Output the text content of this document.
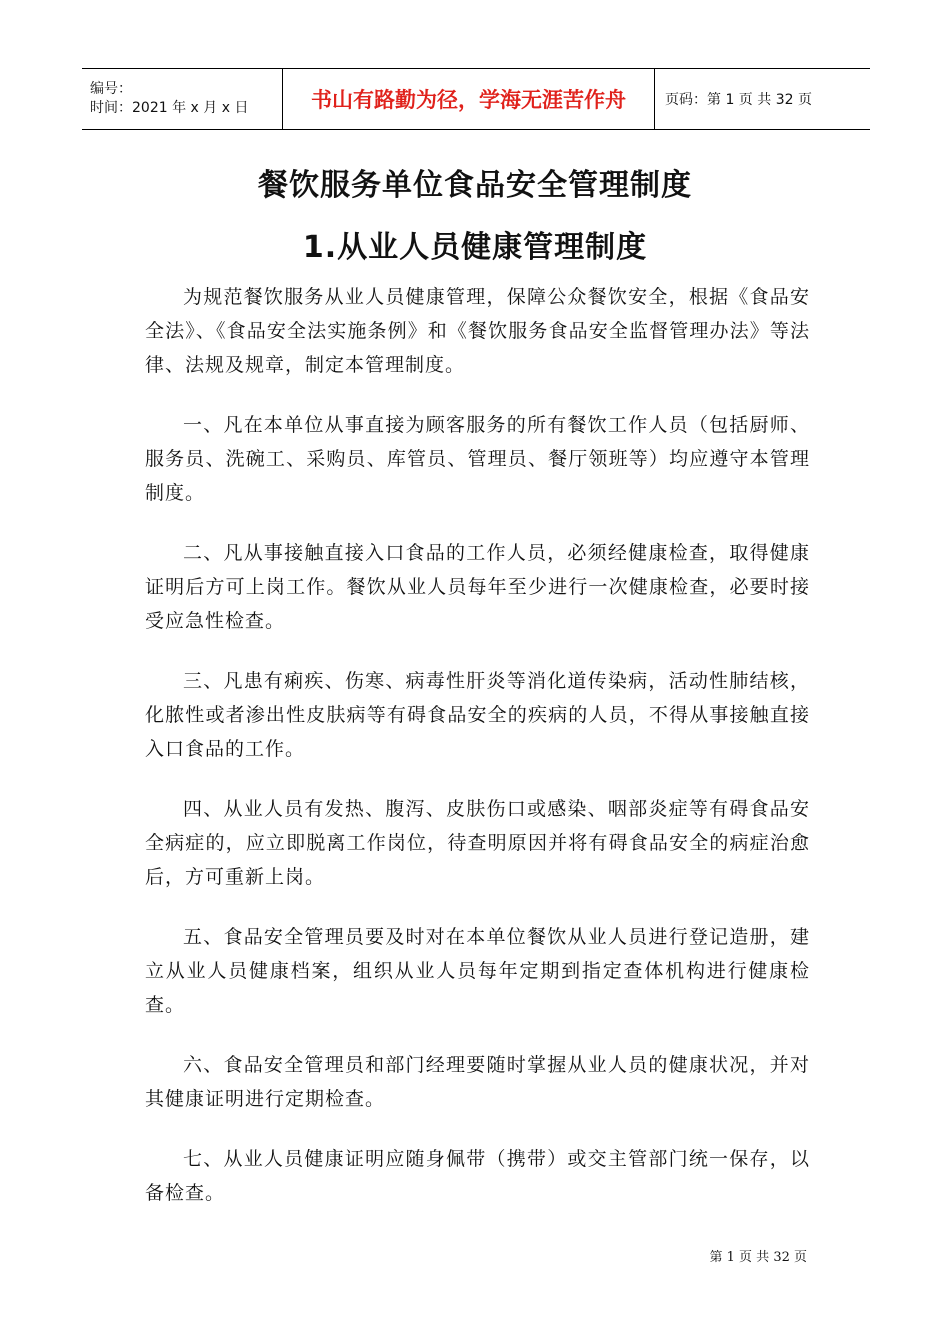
编号：
时间：2021 年 x 月 x 日	书山有路勤为径，学海无涯苦作舟	页码：第 1 页 共 32 页
餐饮服务单位食品安全管理制度
1.从业人员健康管理制度

为规范餐饮服务从业人员健康管理，保障公众餐饮安全，根据《食品安全法》、《食品安全法实施条例》和《餐饮服务食品安全监督管理办法》等法律、法规及规章，制定本管理制度。

一、凡在本单位从事直接为顾客服务的所有餐饮工作人员（包括厨师、服务员、洗碗工、采购员、库管员、管理员、餐厅领班等）均应遵守本管理制度。

二、凡从事接触直接入口食品的工作人员，必须经健康检查，取得健康证明后方可上岗工作。餐饮从业人员每年至少进行一次健康检查，必要时接受应急性检查。

三、凡患有痢疾、伤寒、病毒性肝炎等消化道传染病，活动性肺结核，化脓性或者渗出性皮肤病等有碍食品安全的疾病的人员，不得从事接触直接入口食品的工作。

四、从业人员有发热、腹泻、皮肤伤口或感染、咽部炎症等有碍食品安全病症的，应立即脱离工作岗位，待查明原因并将有碍食品安全的病症治愈后，方可重新上岗。

五、食品安全管理员要及时对在本单位餐饮从业人员进行登记造册，建立从业人员健康档案，组织从业人员每年定期到指定查体机构进行健康检查。

六、食品安全管理员和部门经理要随时掌握从业人员的健康状况，并对其健康证明进行定期检查。

七、从业人员健康证明应随身佩带（携带）或交主管部门统一保存，以备检查。

第 1 页 共 32 页
